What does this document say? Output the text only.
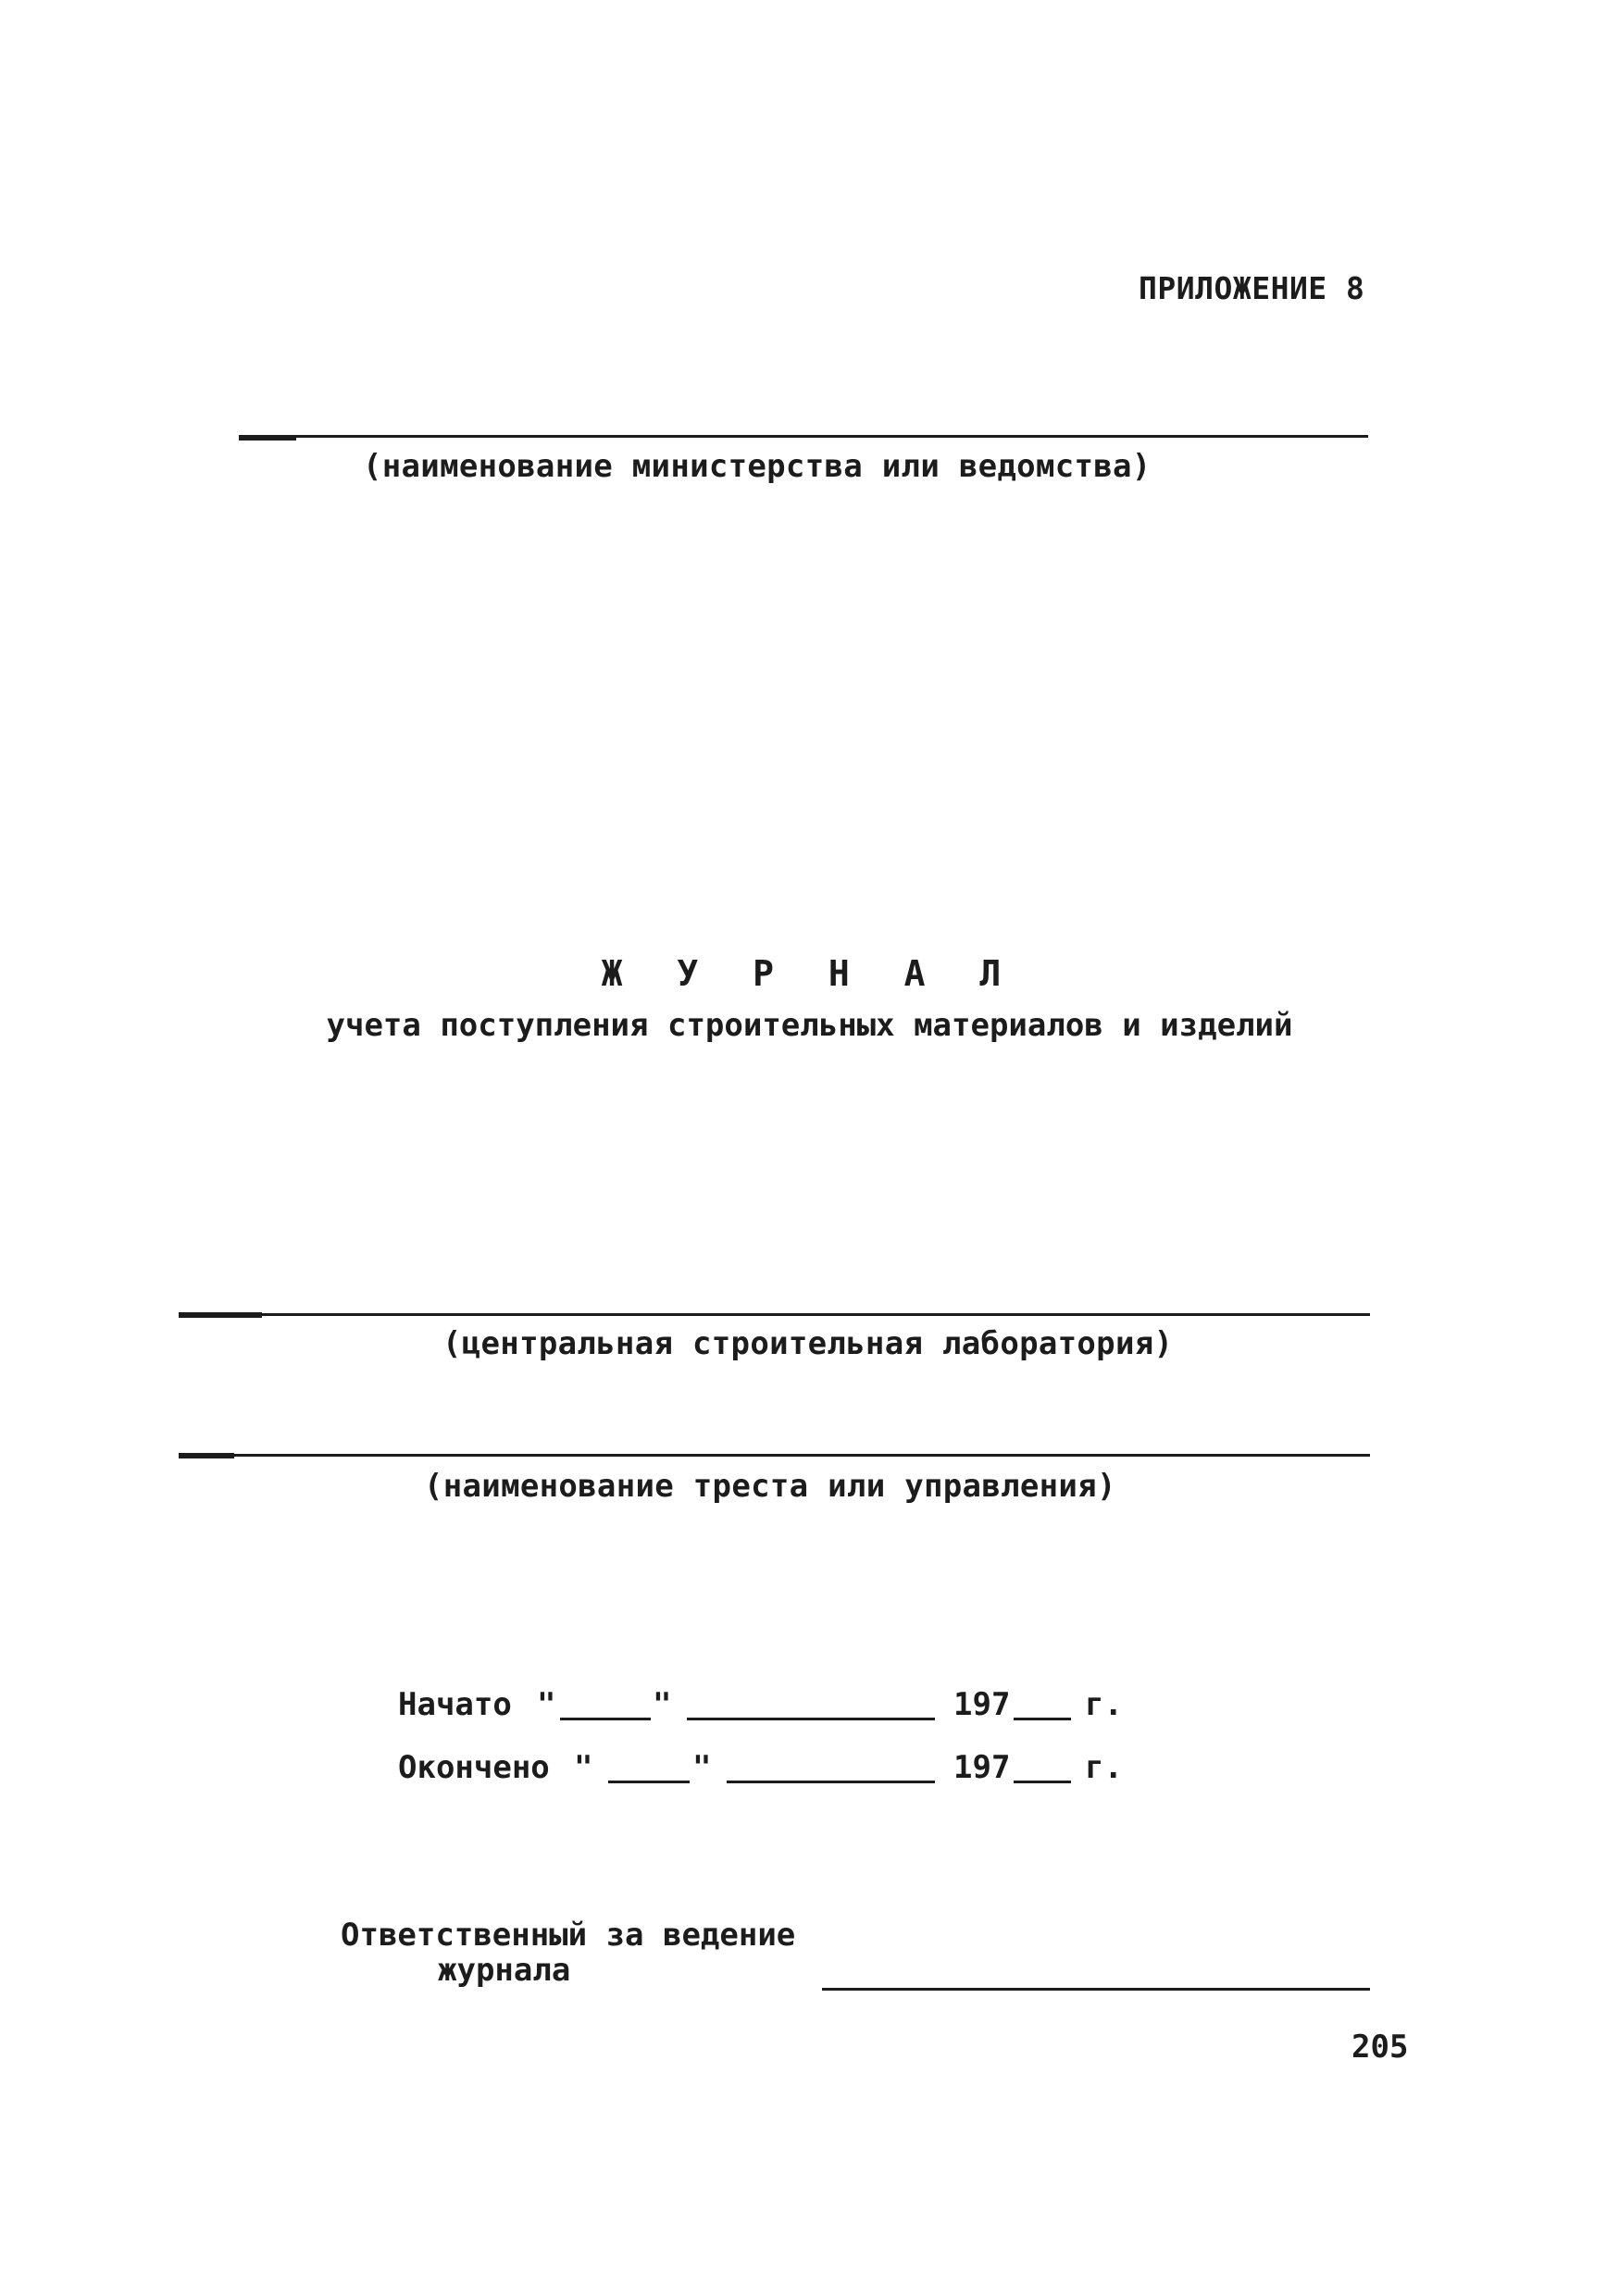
ПРИЛОЖЕНИЕ 8
(наименование министерства или ведомства)
Ж У Р Н А Л
учета поступления строительных материалов и изделий
(центральная строительная лаборатория)
(наименование треста или управления)
Начато "	"	197 г.
Окончено "	"	197 г.
Ответственный за ведение
журнала
205
